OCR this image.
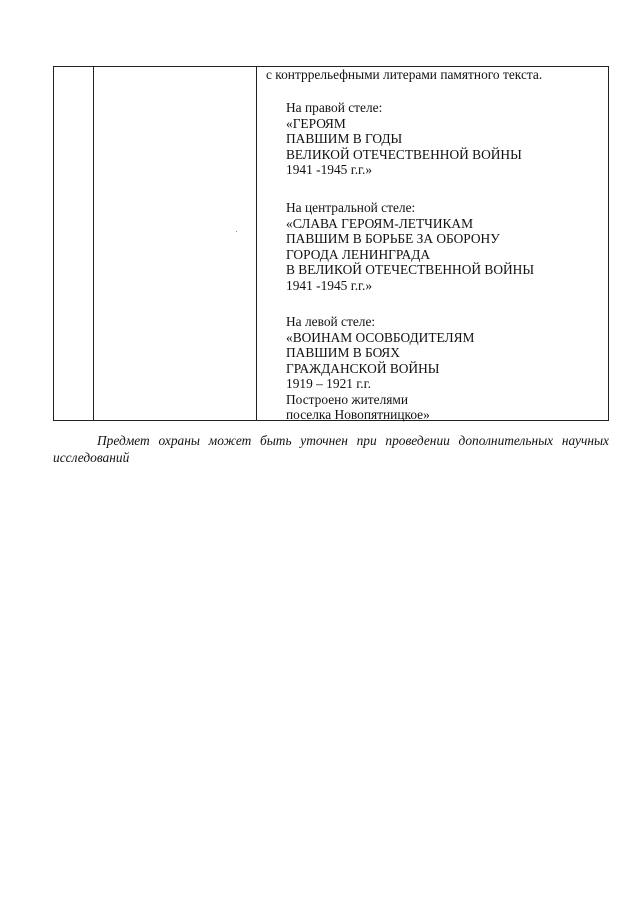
с контррельефными литерами памятного текста.
На правой стеле:
«ГЕРОЯМ
ПАВШИМ В ГОДЫ
ВЕЛИКОЙ ОТЕЧЕСТВЕННОЙ ВОЙНЫ
1941 -1945 г.г.»
На центральной стеле:
«СЛАВА ГЕРОЯМ-ЛЕТЧИКАМ
ПАВШИМ В БОРЬБЕ ЗА ОБОРОНУ
ГОРОДА ЛЕНИНГРАДА
В ВЕЛИКОЙ ОТЕЧЕСТВЕННОЙ ВОЙНЫ
1941 -1945 г.г.»
На левой стеле:
«ВОИНАМ ОСОВБОДИТЕЛЯМ
ПАВШИМ В БОЯХ
ГРАЖДАНСКОЙ ВОЙНЫ
1919 – 1921 г.г.
Построено жителями
поселка Новопятницкое»
Предмет охраны может быть уточнен при проведении дополнительных научных
исследований
